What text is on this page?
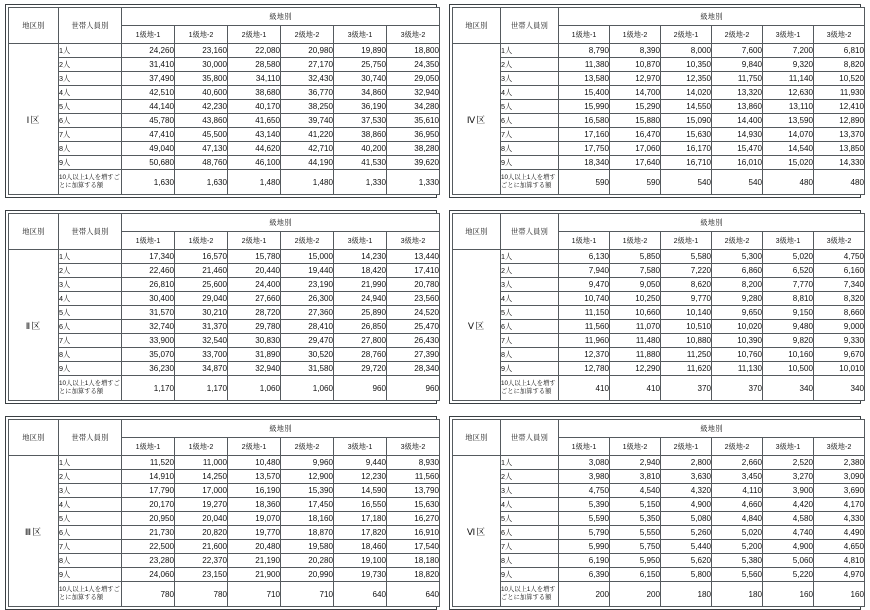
地区別	世帯人員別	級地別					
		1級地-1	1級地-2	2級地-1	2級地-2	3級地-1	3級地-2
Ⅰ区	1人	24,260	23,160	22,080	20,980	19,890	18,800
	2人	31,410	30,000	28,580	27,170	25,750	24,350
	3人	37,490	35,800	34,110	32,430	30,740	29,050
	4人	42,510	40,600	38,680	36,770	34,860	32,940
	5人	44,140	42,230	40,170	38,250	36,190	34,280
	6人	45,780	43,860	41,650	39,740	37,530	35,610
	7人	47,410	45,500	43,140	41,220	38,860	36,950
	8人	49,040	47,130	44,620	42,710	40,200	38,280
	9人	50,680	48,760	46,100	44,190	41,530	39,620
	10人以上1人を増すごとに加算する額	1,630	1,630	1,480	1,480	1,330	1,330
地区別	世帯人員別	級地別					
		1級地-1	1級地-2	2級地-1	2級地-2	3級地-1	3級地-2
Ⅱ区	1人	17,340	16,570	15,780	15,000	14,230	13,440
	2人	22,460	21,460	20,440	19,440	18,420	17,410
	3人	26,810	25,600	24,400	23,190	21,990	20,780
	4人	30,400	29,040	27,660	26,300	24,940	23,560
	5人	31,570	30,210	28,720	27,360	25,890	24,520
	6人	32,740	31,370	29,780	28,410	26,850	25,470
	7人	33,900	32,540	30,830	29,470	27,800	26,430
	8人	35,070	33,700	31,890	30,520	28,760	27,390
	9人	36,230	34,870	32,940	31,580	29,720	28,340
	10人以上1人を増すごとに加算する額	1,170	1,170	1,060	1,060	960	960
地区別	世帯人員別	級地別					
		1級地-1	1級地-2	2級地-1	2級地-2	3級地-1	3級地-2
Ⅲ区	1人	11,520	11,000	10,480	9,960	9,440	8,930
	2人	14,910	14,250	13,570	12,900	12,230	11,560
	3人	17,790	17,000	16,190	15,390	14,590	13,790
	4人	20,170	19,270	18,360	17,450	16,550	15,630
	5人	20,950	20,040	19,070	18,160	17,180	16,270
	6人	21,730	20,820	19,770	18,870	17,820	16,910
	7人	22,500	21,600	20,480	19,580	18,460	17,540
	8人	23,280	22,370	21,190	20,280	19,100	18,180
	9人	24,060	23,150	21,900	20,990	19,730	18,820
	10人以上1人を増すごとに加算する額	780	780	710	710	640	640
地区別	世帯人員別	級地別					
		1級地-1	1級地-2	2級地-1	2級地-2	3級地-1	3級地-2
Ⅳ区	1人	8,790	8,390	8,000	7,600	7,200	6,810
	2人	11,380	10,870	10,350	9,840	9,320	8,820
	3人	13,580	12,970	12,350	11,750	11,140	10,520
	4人	15,400	14,700	14,020	13,320	12,630	11,930
	5人	15,990	15,290	14,550	13,860	13,110	12,410
	6人	16,580	15,880	15,090	14,400	13,590	12,890
	7人	17,160	16,470	15,630	14,930	14,070	13,370
	8人	17,750	17,060	16,170	15,470	14,540	13,850
	9人	18,340	17,640	16,710	16,010	15,020	14,330
	10人以上1人を増すごとに加算する額	590	590	540	540	480	480
地区別	世帯人員別	級地別					
		1級地-1	1級地-2	2級地-1	2級地-2	3級地-1	3級地-2
Ⅴ区	1人	6,130	5,850	5,580	5,300	5,020	4,750
	2人	7,940	7,580	7,220	6,860	6,520	6,160
	3人	9,470	9,050	8,620	8,200	7,770	7,340
	4人	10,740	10,250	9,770	9,280	8,810	8,320
	5人	11,150	10,660	10,140	9,650	9,150	8,660
	6人	11,560	11,070	10,510	10,020	9,480	9,000
	7人	11,960	11,480	10,880	10,390	9,820	9,330
	8人	12,370	11,880	11,250	10,760	10,160	9,670
	9人	12,780	12,290	11,620	11,130	10,500	10,010
	10人以上1人を増すごとに加算する額	410	410	370	370	340	340
地区別	世帯人員別	級地別					
		1級地-1	1級地-2	2級地-1	2級地-2	3級地-1	3級地-2
Ⅵ区	1人	3,080	2,940	2,800	2,660	2,520	2,380
	2人	3,980	3,810	3,630	3,450	3,270	3,090
	3人	4,750	4,540	4,320	4,110	3,900	3,690
	4人	5,390	5,150	4,900	4,660	4,420	4,170
	5人	5,590	5,350	5,080	4,840	4,580	4,330
	6人	5,790	5,550	5,260	5,020	4,740	4,490
	7人	5,990	5,750	5,440	5,200	4,900	4,650
	8人	6,190	5,950	5,620	5,380	5,060	4,810
	9人	6,390	6,150	5,800	5,560	5,220	4,970
	10人以上1人を増すごとに加算する額	200	200	180	180	160	160
